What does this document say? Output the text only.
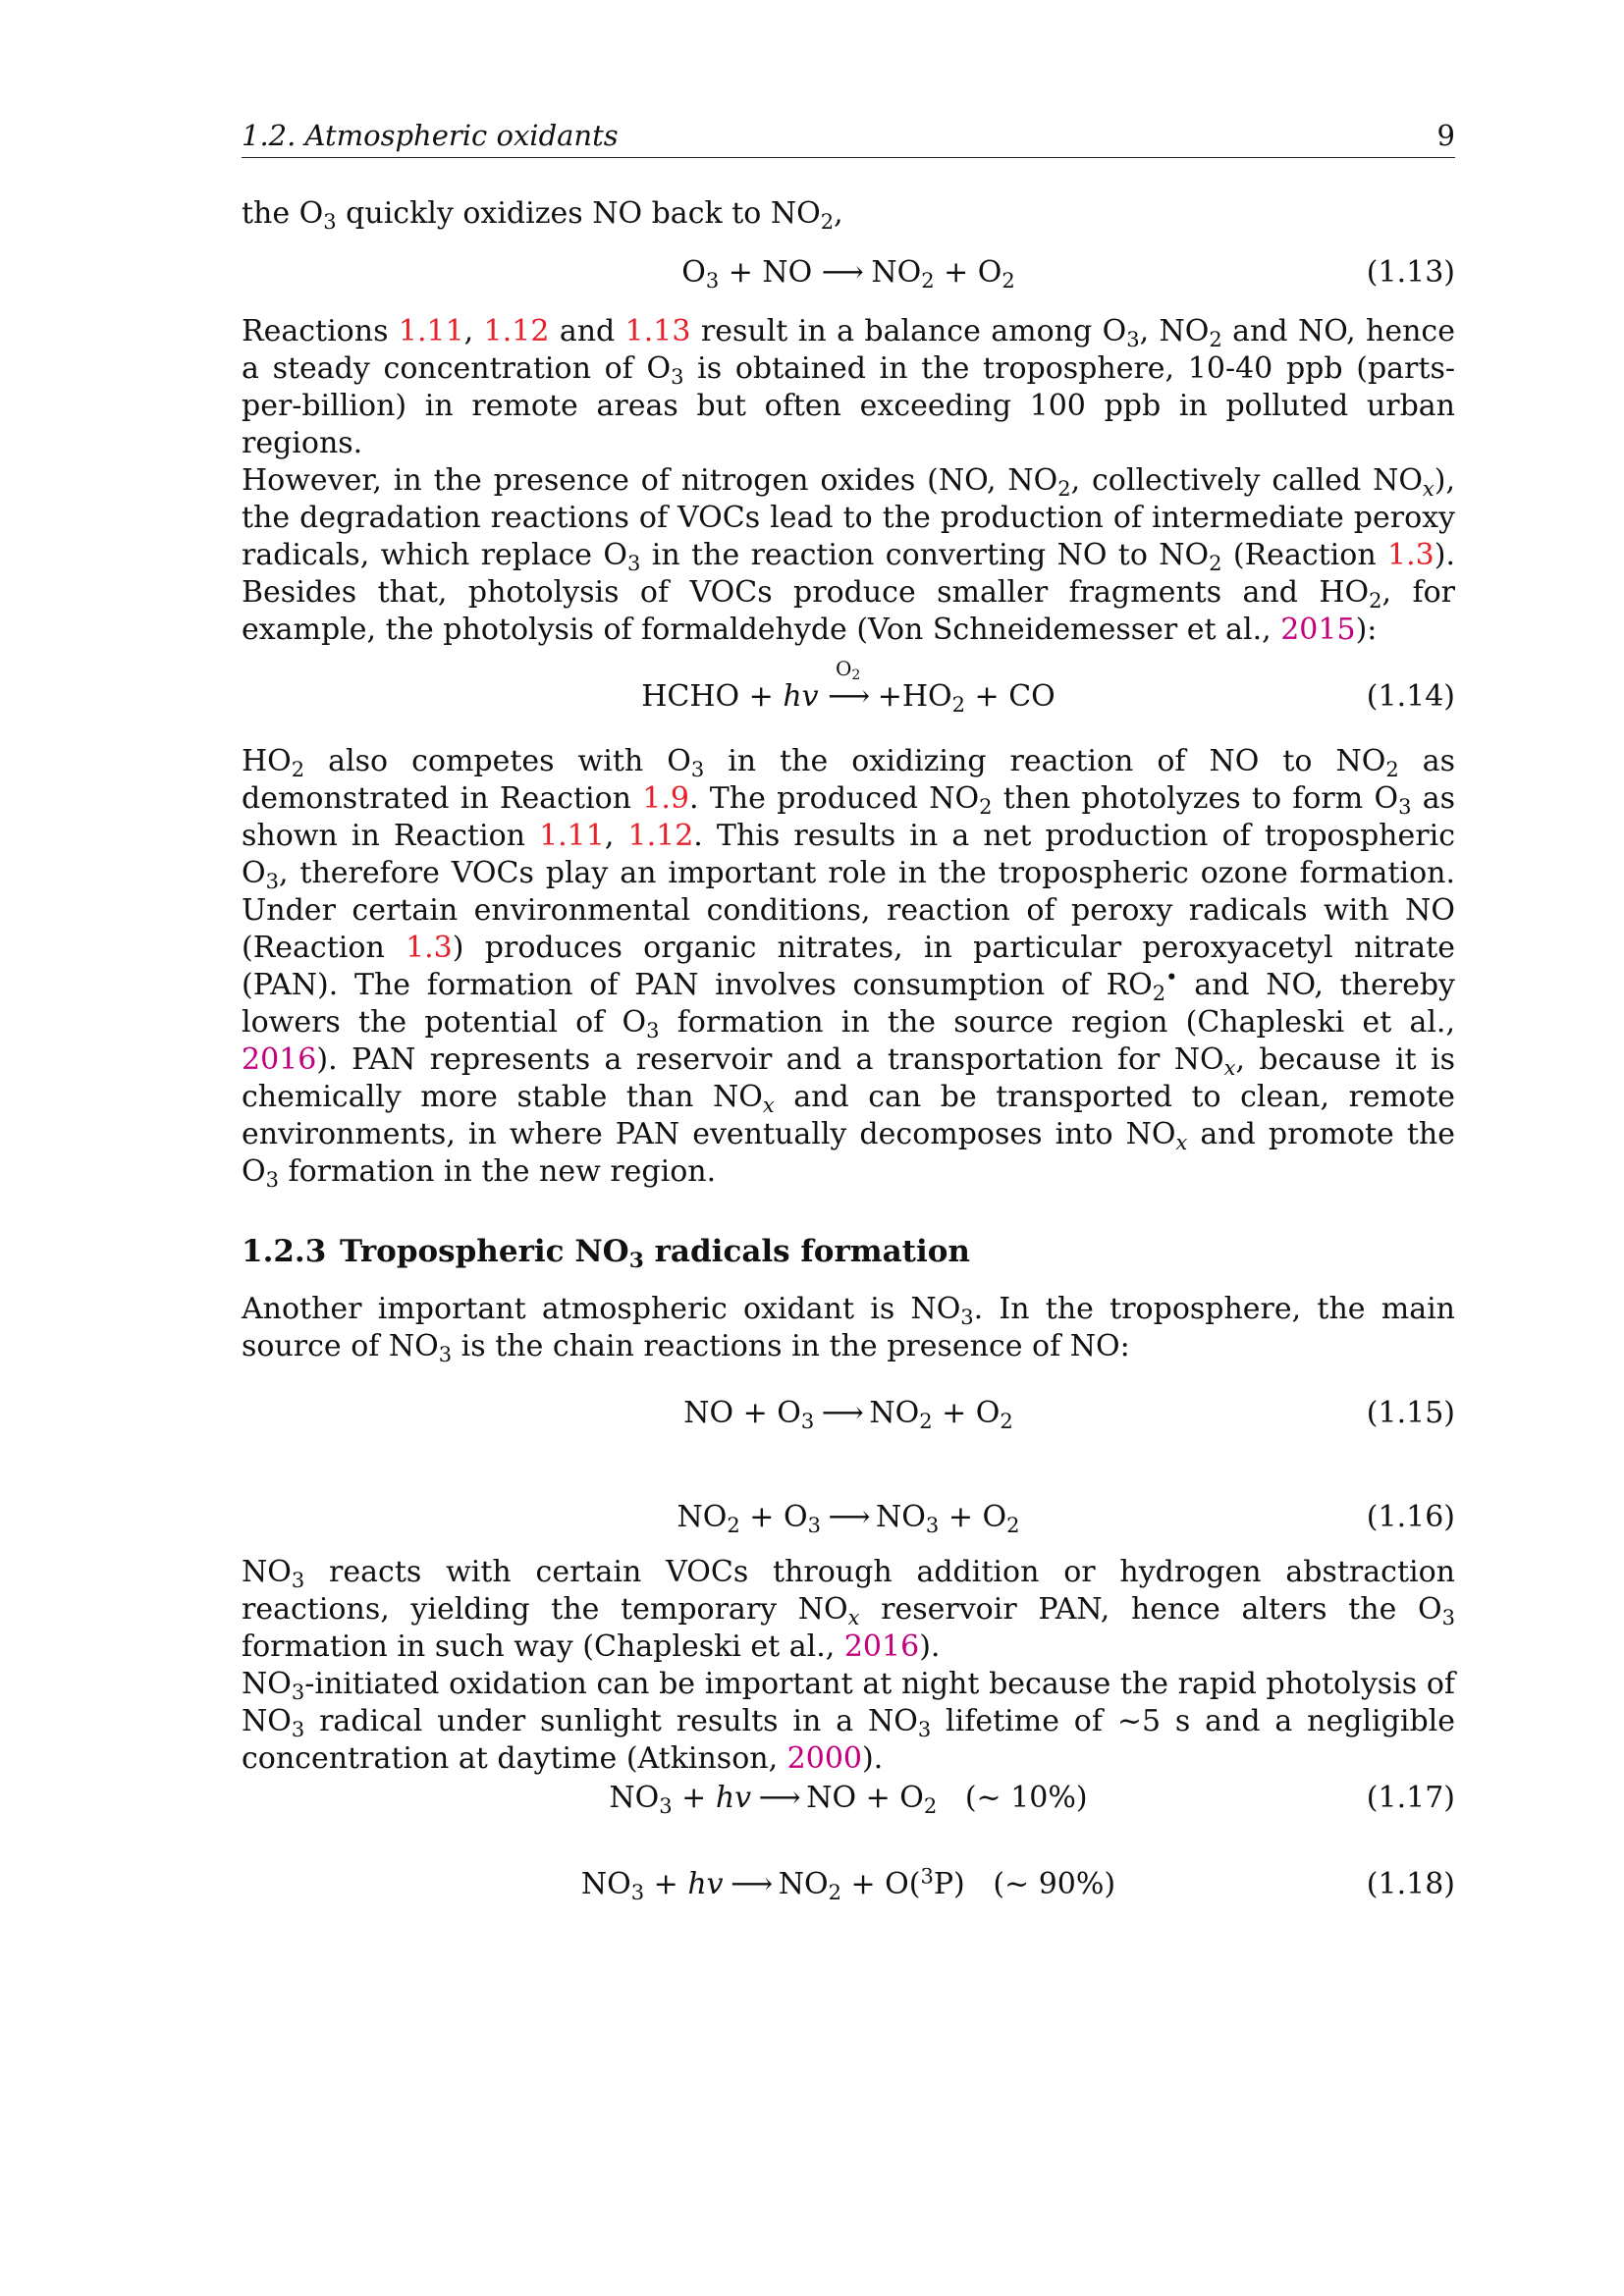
1.2. Atmospheric oxidants	9

the $O_3$ quickly oxidizes NO back to $NO_2$,

$O_3$ + NO ⟶ $NO_2 + O_2$	(1.13)

Reactions 1.11, 1.12 and 1.13 result in a balance among $O_3$, $NO_2$ and NO, hence a steady concentration of $O_3$ is obtained in the troposphere, 10-40 ppb (parts-per-billion) in remote areas but often exceeding 100 ppb in polluted urban regions.

However, in the presence of nitrogen oxides (NO, $NO_2$, collectively called $NO_x$), the degradation reactions of VOCs lead to the production of intermediate peroxy radicals, which replace $O_3$ in the reaction converting NO to $NO_2$ (Reaction 1.3). Besides that, photolysis of VOCs produce smaller fragments and $HO_2$, for example, the photolysis of formaldehyde (Von Schneidemesser et al., 2015):

HCHO + hv
$O_2$
⟶ $+HO_2$ + CO	(1.14)

$HO_2$ also competes with $O_3$ in the oxidizing reaction of NO to $NO_2$ as demonstrated in Reaction 1.9. The produced $NO_2$ then photolyzes to form $O_3$ as shown in Reaction 1.11, 1.12. This results in a net production of tropospheric $O_3$, therefore VOCs play an important role in the tropospheric ozone formation. Under certain environmental conditions, reaction of peroxy radicals with NO (Reaction 1.3) produces organic nitrates, in particular peroxyacetyl nitrate (PAN). The formation of PAN involves consumption of $RO_2^•$ and NO, thereby lowers the potential of $O_3$ formation in the source region (Chapleski et al., 2016). PAN represents a reservoir and a transportation for $NO_x$, because it is chemically more stable than $NO_x$ and can be transported to clean, remote environments, in where PAN eventually decomposes into $NO_x$ and promote the $O_3$ formation in the new region.

1.2.3 Tropospheric $NO_3$ radicals formation

Another important atmospheric oxidant is $NO_3$. In the troposphere, the main source of $NO_3$ is the chain reactions in the presence of NO:

NO + $O_3$ ⟶ $NO_2 + O_2$	(1.15)
$NO_2 + O_3$ ⟶ $NO_3 + O_2$	(1.16)

$NO_3$ reacts with certain VOCs through addition or hydrogen abstraction reactions, yielding the temporary $NO_x$ reservoir PAN, hence alters the $O_3$ formation in such way (Chapleski et al., 2016).

$NO_3$-initiated oxidation can be important at night because the rapid photolysis of $NO_3$ radical under sunlight results in a $NO_3$ lifetime of ~5 s and a negligible concentration at daytime (Atkinson, 2000).

$NO_3$ + hv ⟶ NO + $O_2$   (~ 10%)	(1.17)
$NO_3$ + hv ⟶ $NO_2 + O(^3P)$   (~ 90%)	(1.18)
